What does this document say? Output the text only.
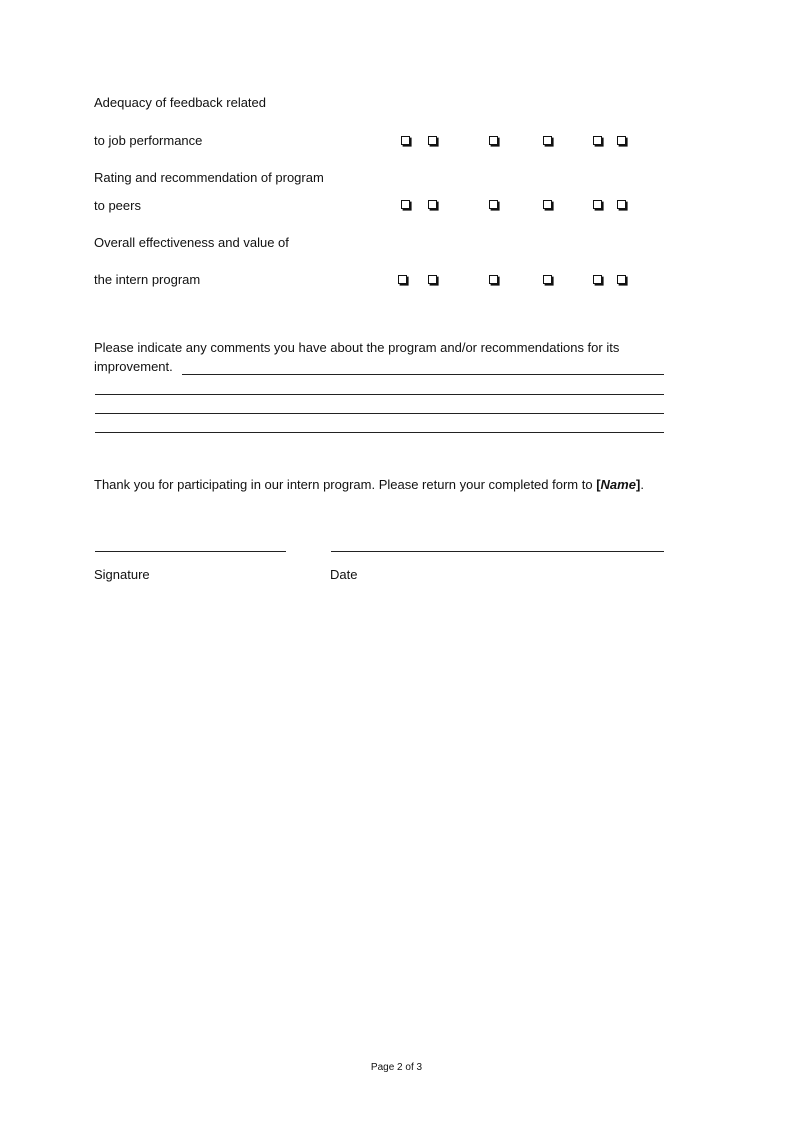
Adequacy of feedback related
to job performance
Rating and recommendation of program
to peers
Overall effectiveness and value of
the intern program
Please indicate any comments you have about the program and/or recommendations for its
improvement.
Thank you for participating in our intern program. Please return your completed form to [Name].
Signature	Date
Page 2 of 3
